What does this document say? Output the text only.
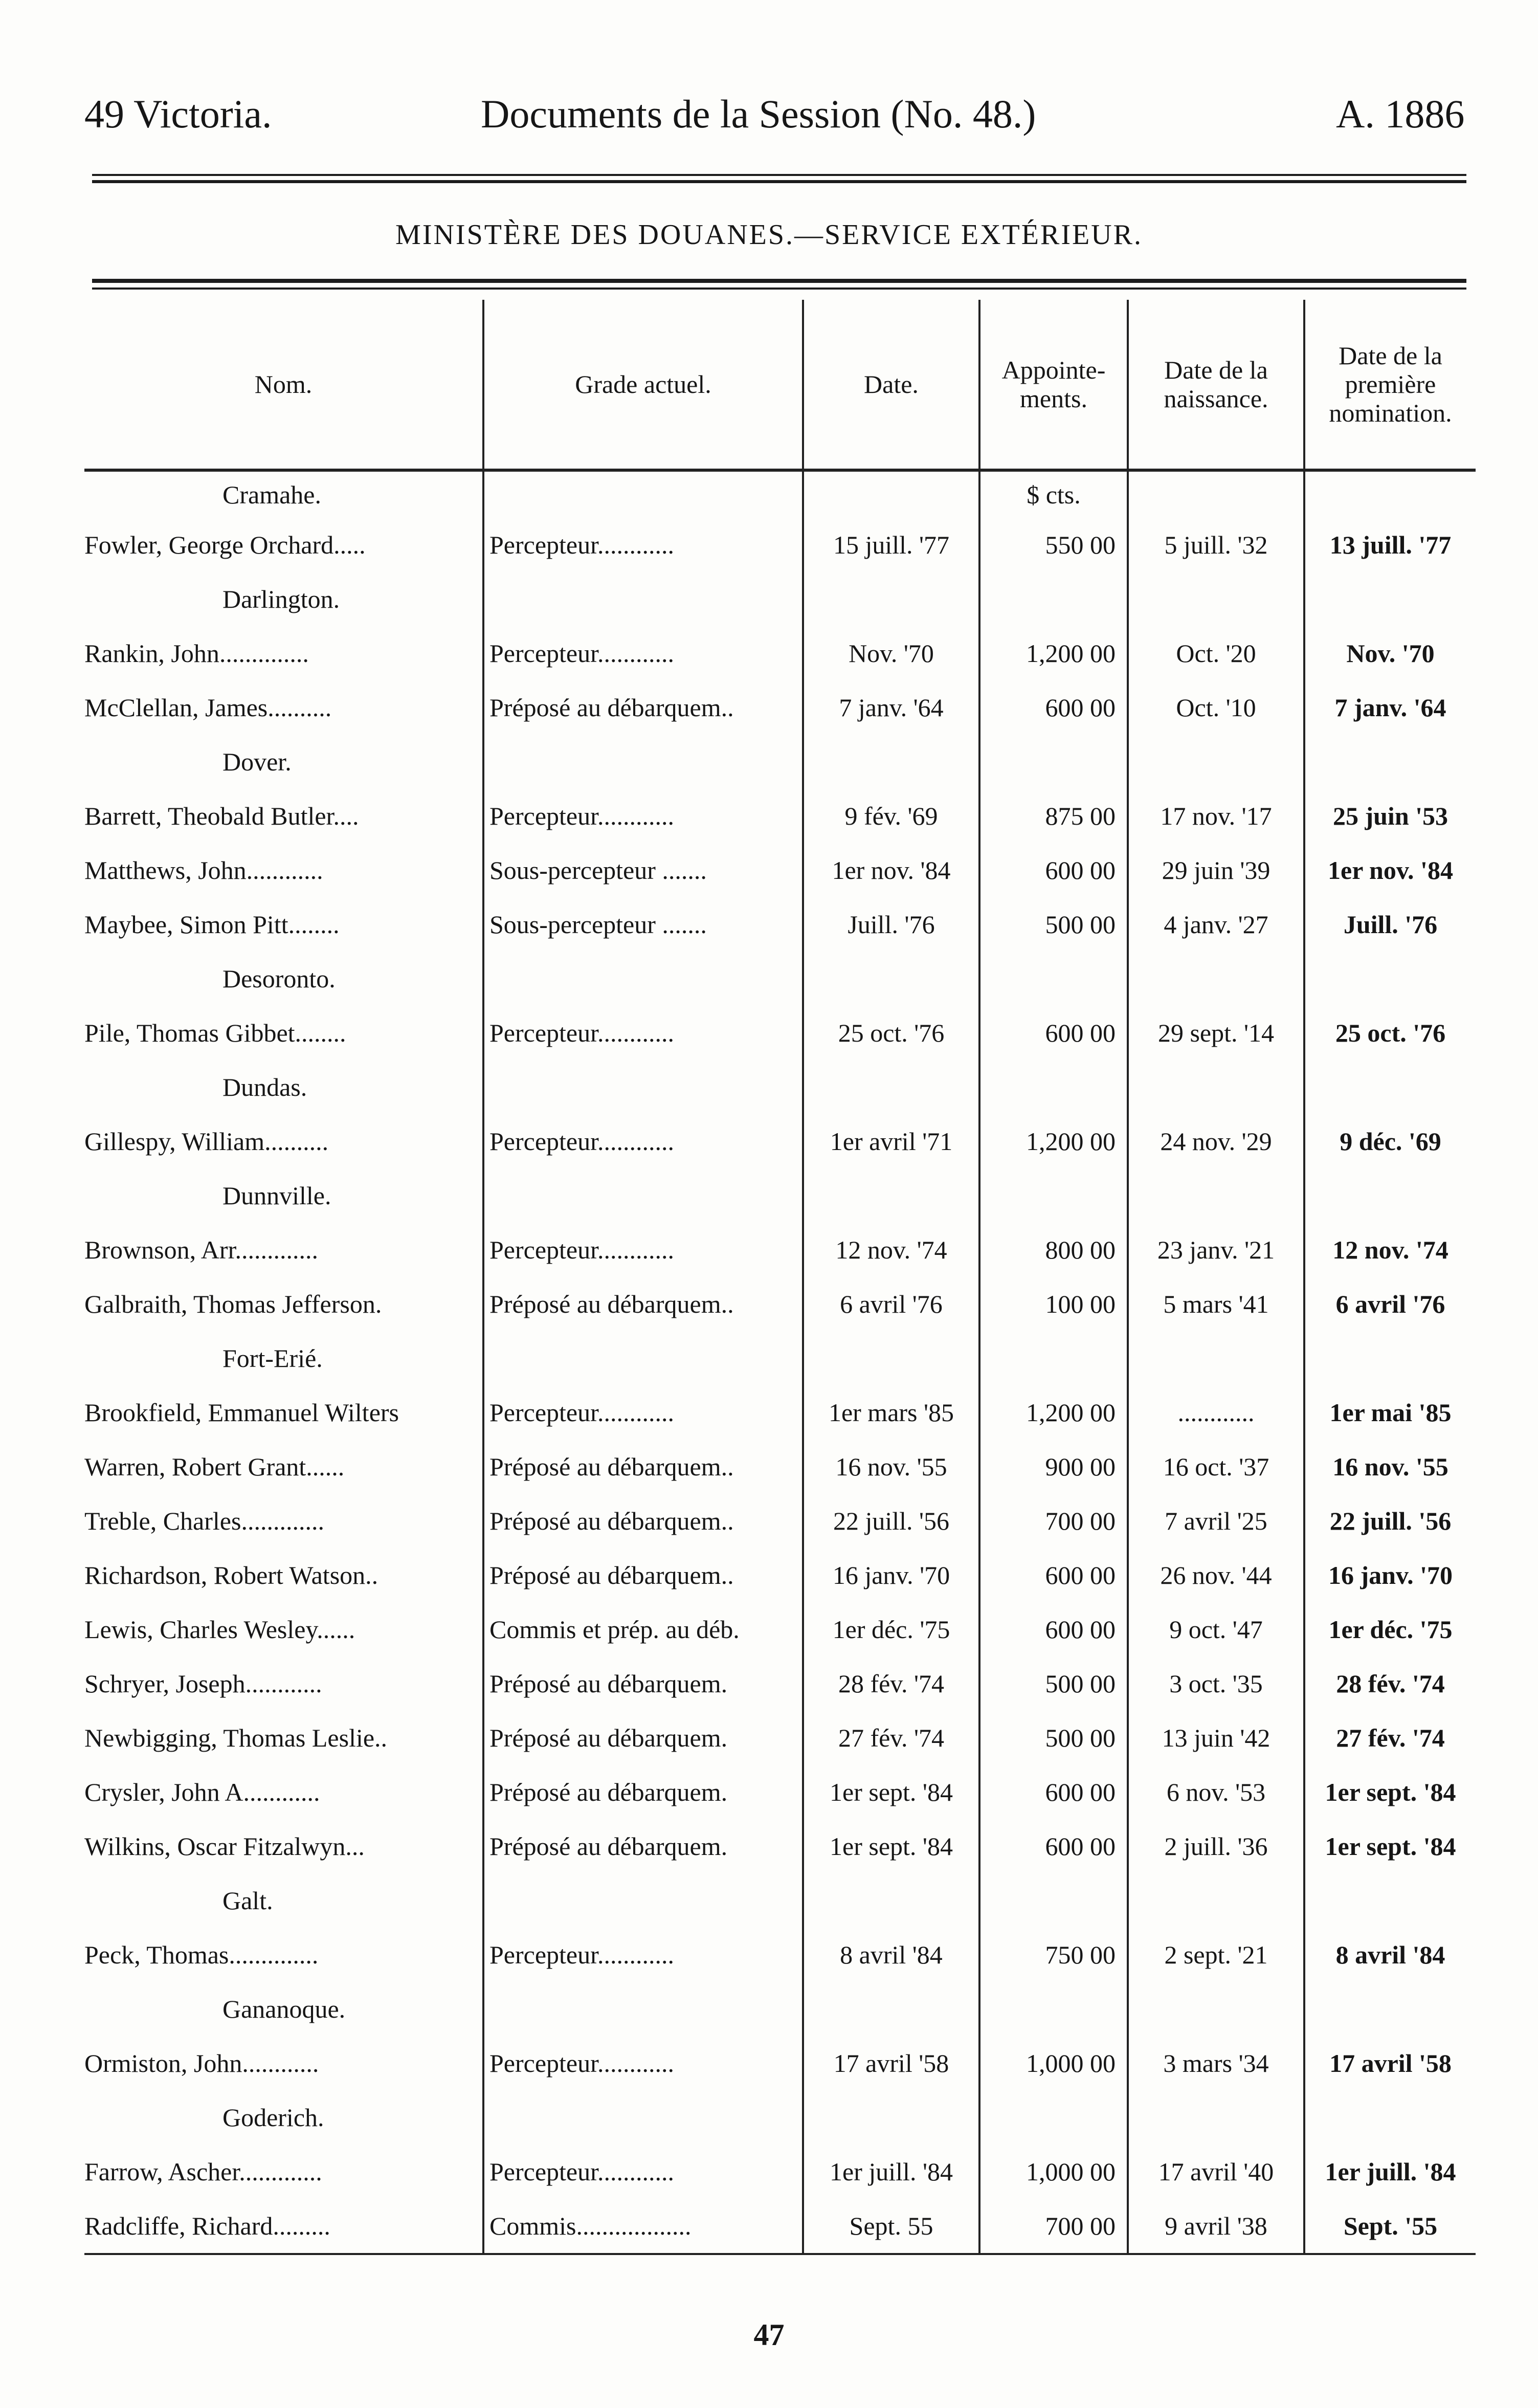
49 Victoria.	Documents de la Session (No. 48.)	A. 1886
MINISTÈRE DES DOUANES.—SERVICE EXTÉRIEUR.
Nom.	Grade actuel.	Date.	Appointe- ments.	Date de la naissance.	Date de la première nomination.
Cramahe.			$ cts.		
Fowler, George Orchard.....	Percepteur............	15 juill. '77	550 00	5 juill. '32	13 juill. '77
Darlington.					
Rankin, John..............	Percepteur............	Nov. '70	1,200 00	Oct. '20	Nov. '70
McClellan, James..........	Préposé au débarquem..	7 janv. '64	600 00	Oct. '10	7 janv. '64
Dover.					
Barrett, Theobald Butler....	Percepteur............	9 fév. '69	875 00	17 nov. '17	25 juin '53
Matthews, John............	Sous-percepteur .......	1er nov. '84	600 00	29 juin '39	1er nov. '84
Maybee, Simon Pitt........	Sous-percepteur .......	Juill. '76	500 00	4 janv. '27	Juill. '76
Desoronto.					
Pile, Thomas Gibbet........	Percepteur............	25 oct. '76	600 00	29 sept. '14	25 oct. '76
Dundas.					
Gillespy, William..........	Percepteur............	1er avril '71	1,200 00	24 nov. '29	9 déc. '69
Dunnville.					
Brownson, Arr.............	Percepteur............	12 nov. '74	800 00	23 janv. '21	12 nov. '74
Galbraith, Thomas Jefferson.	Préposé au débarquem..	6 avril '76	100 00	5 mars '41	6 avril '76
Fort-Erié.					
Brookfield, Emmanuel Wilters	Percepteur............	1er mars '85	1,200 00	............	1er mai '85
Warren, Robert Grant......	Préposé au débarquem..	16 nov. '55	900 00	16 oct. '37	16 nov. '55
Treble, Charles.............	Préposé au débarquem..	22 juill. '56	700 00	7 avril '25	22 juill. '56
Richardson, Robert Watson..	Préposé au débarquem..	16 janv. '70	600 00	26 nov. '44	16 janv. '70
Lewis, Charles Wesley......	Commis et prép. au déb.	1er déc. '75	600 00	9 oct. '47	1er déc. '75
Schryer, Joseph............	Préposé au débarquem.	28 fév. '74	500 00	3 oct. '35	28 fév. '74
Newbigging, Thomas Leslie..	Préposé au débarquem.	27 fév. '74	500 00	13 juin '42	27 fév. '74
Crysler, John A............	Préposé au débarquem.	1er sept. '84	600 00	6 nov. '53	1er sept. '84
Wilkins, Oscar Fitzalwyn...	Préposé au débarquem.	1er sept. '84	600 00	2 juill. '36	1er sept. '84
Galt.					
Peck, Thomas..............	Percepteur............	8 avril '84	750 00	2 sept. '21	8 avril '84
Gananoque.					
Ormiston, John............	Percepteur............	17 avril '58	1,000 00	3 mars '34	17 avril '58
Goderich.					
Farrow, Ascher.............	Percepteur............	1er juill. '84	1,000 00	17 avril '40	1er juill. '84
Radcliffe, Richard.........	Commis..................	Sept. 55	700 00	9 avril '38	Sept. '55
47
